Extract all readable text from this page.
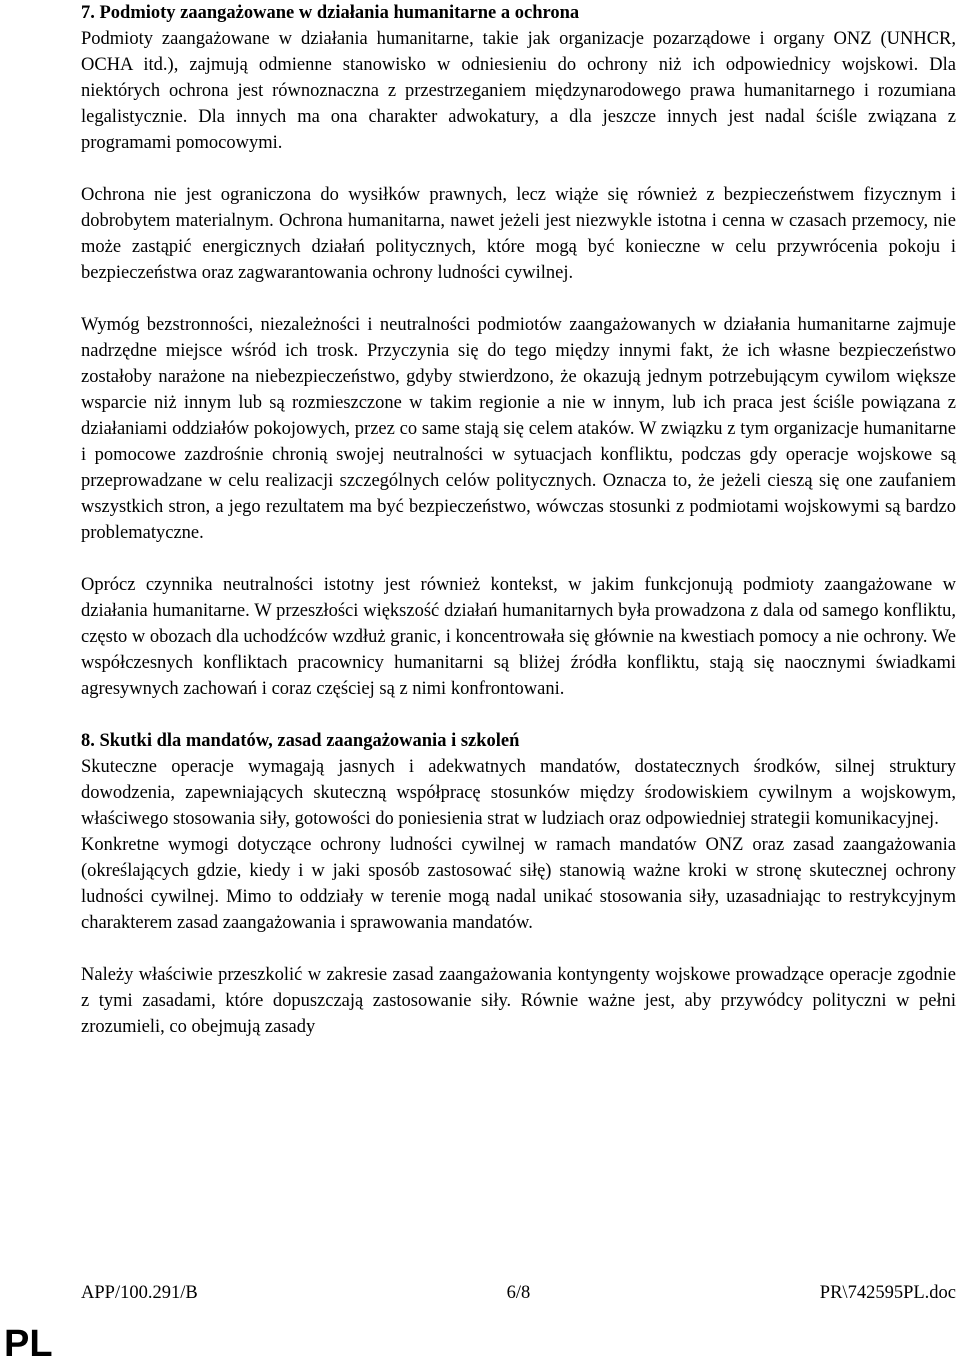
7. Podmioty zaangażowane w działania humanitarne a ochrona

Podmioty zaangażowane w działania humanitarne, takie jak organizacje pozarządowe i organy ONZ (UNHCR, OCHA itd.), zajmują odmienne stanowisko w odniesieniu do ochrony niż ich odpowiednicy wojskowi. Dla niektórych ochrona jest równoznaczna z przestrzeganiem międzynarodowego prawa humanitarnego i rozumiana legalistycznie. Dla innych ma ona charakter adwokatury, a dla jeszcze innych jest nadal ściśle związana z programami pomocowymi.

Ochrona nie jest ograniczona do wysiłków prawnych, lecz wiąże się również z bezpieczeństwem fizycznym i dobrobytem materialnym. Ochrona humanitarna, nawet jeżeli jest niezwykle istotna i cenna w czasach przemocy, nie może zastąpić energicznych działań politycznych, które mogą być konieczne w celu przywrócenia pokoju i bezpieczeństwa oraz zagwarantowania ochrony ludności cywilnej.

Wymóg bezstronności, niezależności i neutralności podmiotów zaangażowanych w działania humanitarne zajmuje nadrzędne miejsce wśród ich trosk. Przyczynia się do tego między innymi fakt, że ich własne bezpieczeństwo zostałoby narażone na niebezpieczeństwo, gdyby stwierdzono, że okazują jednym potrzebującym cywilom większe wsparcie niż innym lub są rozmieszczone w takim regionie a nie w innym, lub ich praca jest ściśle powiązana z działaniami oddziałów pokojowych, przez co same stają się celem ataków. W związku z tym organizacje humanitarne i pomocowe zazdrośnie chronią swojej neutralności w sytuacjach konfliktu, podczas gdy operacje wojskowe są przeprowadzane w celu realizacji szczególnych celów politycznych. Oznacza to, że jeżeli cieszą się one zaufaniem wszystkich stron, a jego rezultatem ma być bezpieczeństwo, wówczas stosunki z podmiotami wojskowymi są bardzo problematyczne.

Oprócz czynnika neutralności istotny jest również kontekst, w jakim funkcjonują podmioty zaangażowane w działania humanitarne. W przeszłości większość działań humanitarnych była prowadzona z dala od samego konfliktu, często w obozach dla uchodźców wzdłuż granic, i koncentrowała się głównie na kwestiach pomocy a nie ochrony. We współczesnych konfliktach pracownicy humanitarni są bliżej źródła konfliktu, stają się naocznymi świadkami agresywnych zachowań i coraz częściej są z nimi konfrontowani.

8. Skutki dla mandatów, zasad zaangażowania i szkoleń

Skuteczne operacje wymagają jasnych i adekwatnych mandatów, dostatecznych środków, silnej struktury dowodzenia, zapewniających skuteczną współpracę stosunków między środowiskiem cywilnym a wojskowym, właściwego stosowania siły, gotowości do poniesienia strat w ludziach oraz odpowiedniej strategii komunikacyjnej.

Konkretne wymogi dotyczące ochrony ludności cywilnej w ramach mandatów ONZ oraz zasad zaangażowania (określających gdzie, kiedy i w jaki sposób zastosować siłę) stanowią ważne kroki w stronę skutecznej ochrony ludności cywilnej. Mimo to oddziały w terenie mogą nadal unikać stosowania siły, uzasadniając to restrykcyjnym charakterem zasad zaangażowania i sprawowania mandatów.

Należy właściwie przeszkolić w zakresie zasad zaangażowania kontyngenty wojskowe prowadzące operacje zgodnie z tymi zasadami, które dopuszczają zastosowanie siły. Równie ważne jest, aby przywódcy polityczni w pełni zrozumieli, co obejmują zasady

APP/100.291/B	6/8	PR\742595PL.doc
PL
